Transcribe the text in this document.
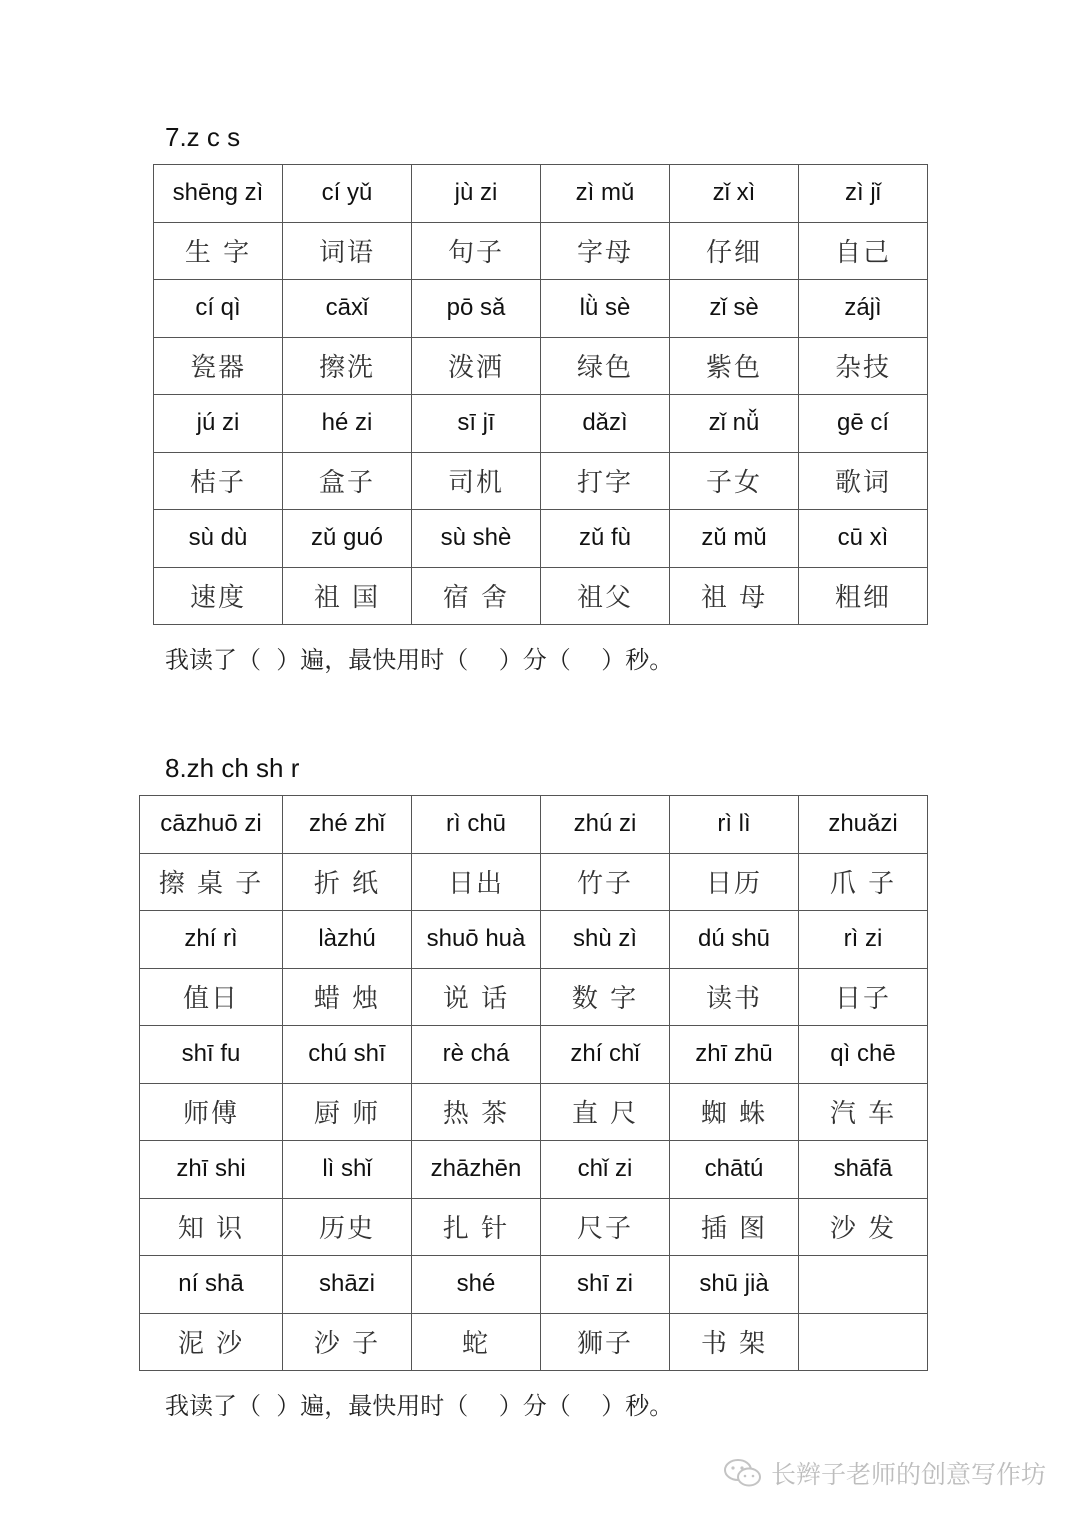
7.z c s
shēng zì	cí yǔ	jù zi	zì mǔ	zǐ xì	zì jǐ
生 字	词语	句子	字母	仔细	自己
cí qì	cāxǐ	pō sǎ	lǜ sè	zǐ sè	zájì
瓷器	擦洗	泼洒	绿色	紫色	杂技
jú zi	hé zi	sī jī	dǎzì	zǐ nǚ	gē cí
桔子	盒子	司机	打字	子女	歌词
sù dù	zǔ guó	sù shè	zǔ fù	zǔ mǔ	cū xì
速度	祖 国	宿 舍	祖父	祖 母	粗细
我读了（  ）遍，最快用时（    ）分（    ）秒。
8.zh ch sh r
cāzhuō zi	zhé zhǐ	rì chū	zhú zi	rì lì	zhuǎzi
擦 桌 子	折 纸	日出	竹子	日历	爪 子
zhí rì	làzhú	shuō huà	shù zì	dú shū	rì zi
值日	蜡 烛	说 话	数 字	读书	日子
shī fu	chú shī	rè chá	zhí chǐ	zhī zhū	qì chē
师傅	厨 师	热 茶	直 尺	蜘 蛛	汽 车
zhī shi	lì shǐ	zhāzhēn	chǐ zi	chātú	shāfā
知 识	历史	扎 针	尺子	插 图	沙 发
ní shā	shāzi	shé	shī zi	shū jià	
泥 沙	沙 子	蛇	狮子	书 架	
我读了（  ）遍，最快用时（    ）分（    ）秒。
长辫子老师的创意写作坊
